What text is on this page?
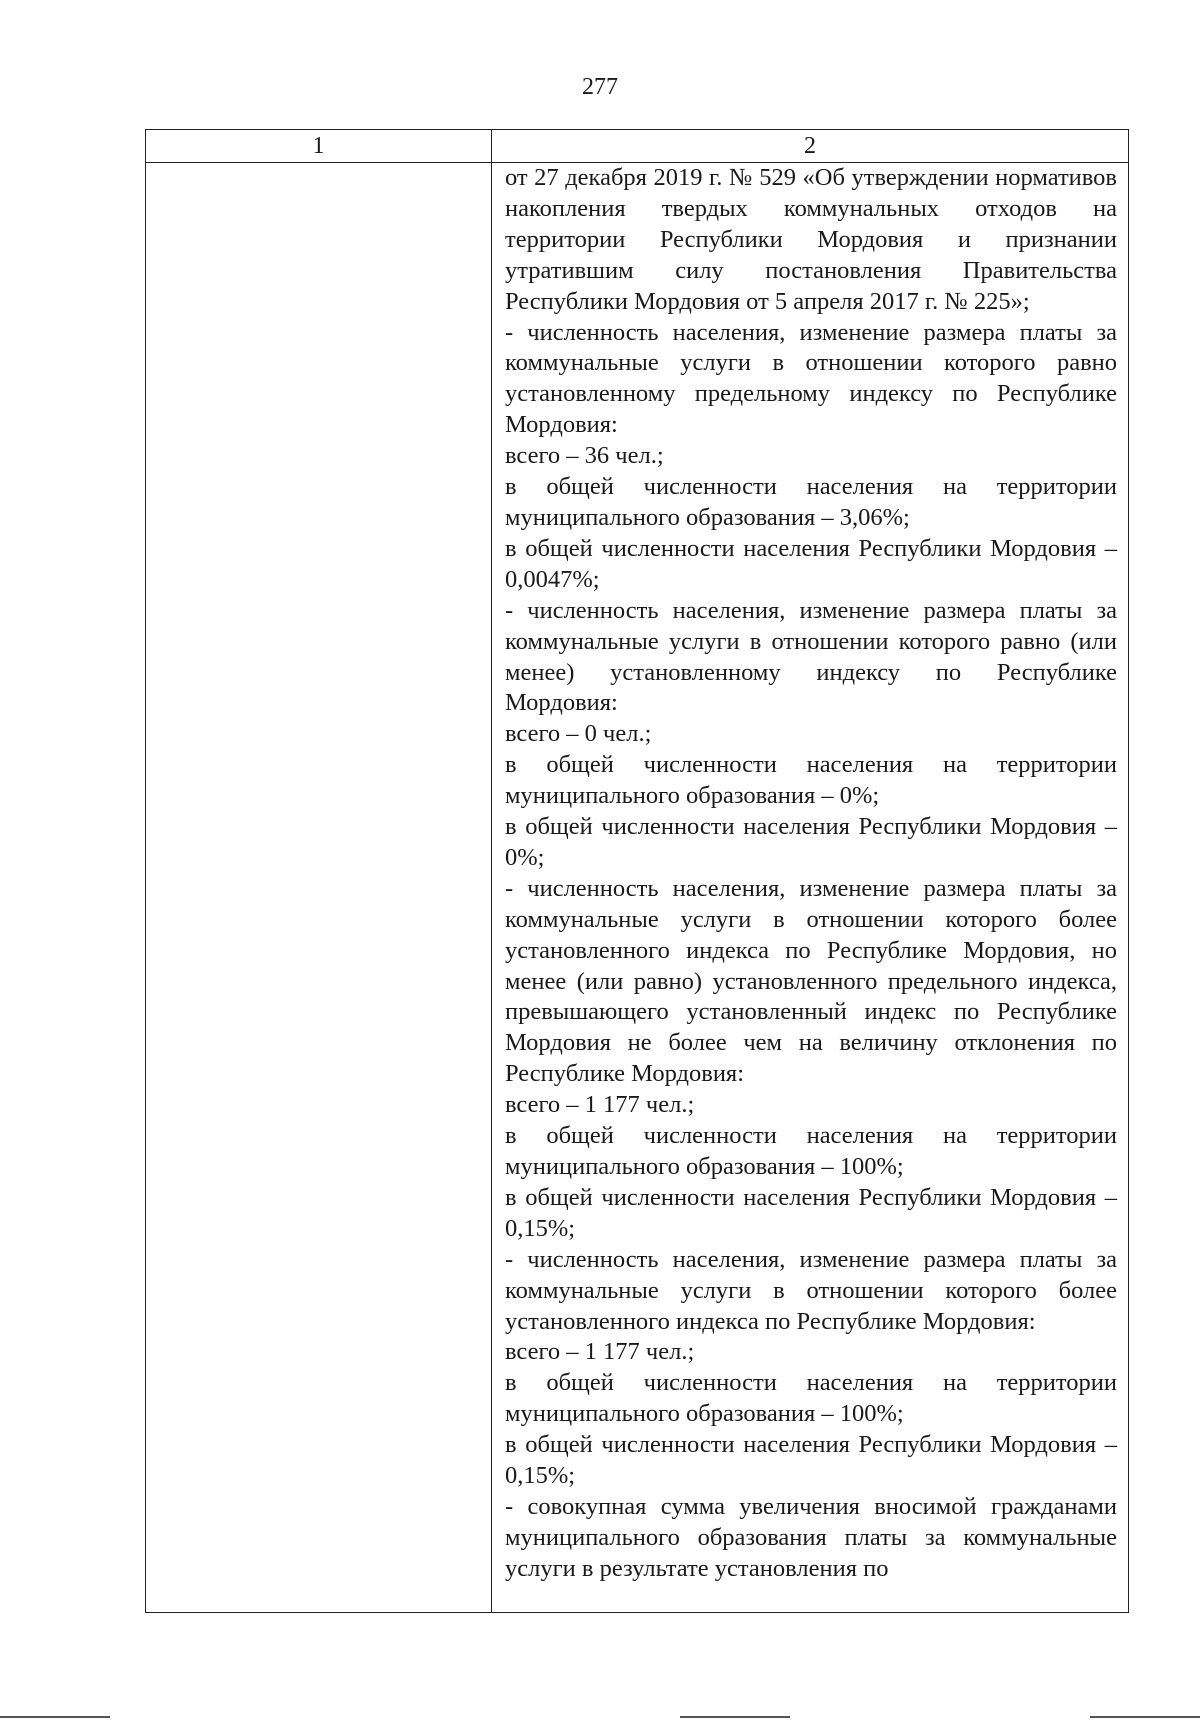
277
1	2
от 27 декабря 2019 г. № 529 «Об утверждении нормативов накопления твердых коммунальных отходов на территории Республики Мордовия и признании утратившим силу постановления Правительства Республики Мордовия от 5 апреля 2017 г. № 225»;
- численность населения, изменение размера платы за коммунальные услуги в отношении которого равно установленному предельному индексу по Республике Мордовия:
всего – 36 чел.;
в общей численности населения на территории муниципального образования – 3,06%;
в общей численности населения Республики Мордовия – 0,0047%;
- численность населения, изменение размера платы за коммунальные услуги в отношении которого равно (или менее) установленному индексу по Республике Мордовия:
всего – 0 чел.;
в общей численности населения на территории муниципального образования – 0%;
в общей численности населения Республики Мордовия – 0%;
- численность населения, изменение размера платы за коммунальные услуги в отношении которого более установленного индекса по Республике Мордовия, но менее (или равно) установленного предельного индекса, превышающего установленный индекс по Республике Мордовия не более чем на величину отклонения по Республике Мордовия:
всего – 1 177 чел.;
в общей численности населения на территории муниципального образования – 100%;
в общей численности населения Республики Мордовия – 0,15%;
- численность населения, изменение размера платы за коммунальные услуги в отношении которого более установленного индекса по Республике Мордовия:
всего – 1 177 чел.;
в общей численности населения на территории муниципального образования – 100%;
в общей численности населения Республики Мордовия – 0,15%;
- совокупная сумма увеличения вносимой гражданами муниципального образования платы за коммунальные услуги в результате установления по
